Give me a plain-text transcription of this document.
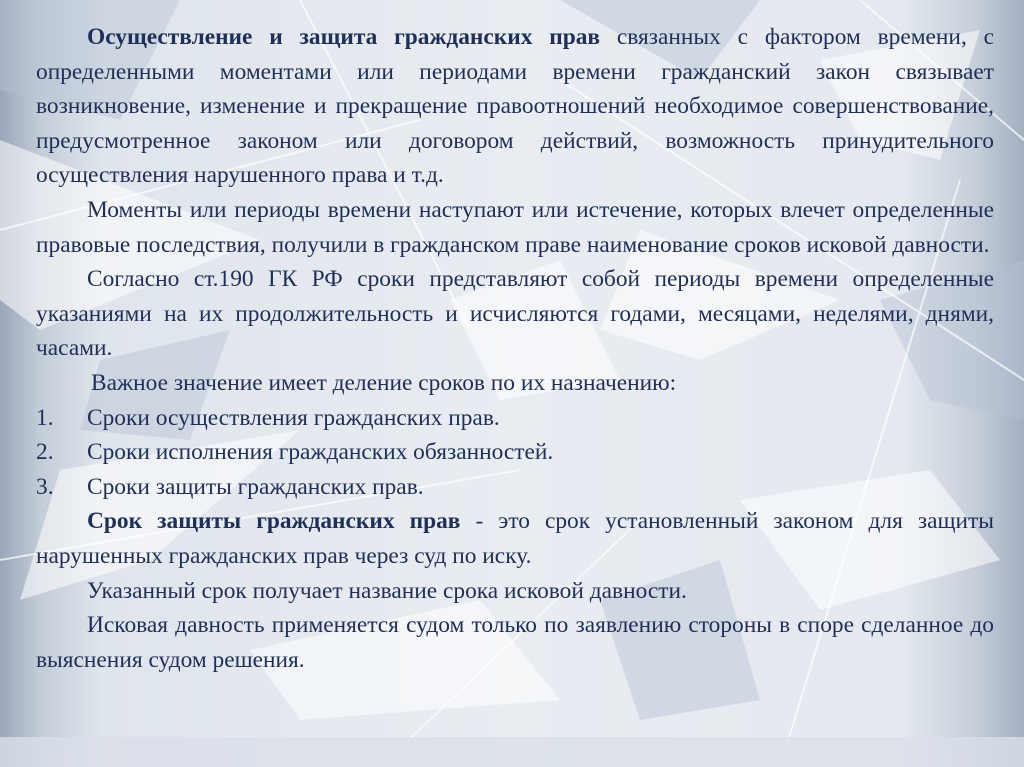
Осуществление и защита гражданских прав связанных с фактором времени, с определенными моментами или периодами времени гражданский закон связывает возникновение, изменение и прекращение правоотношений необходимое совершенствование, предусмотренное законом или договором действий, возможность принудительного осуществления нарушенного права и т.д.

Моменты или периоды времени наступают или истечение, которых влечет определенные правовые последствия, получили в гражданском праве наименование сроков исковой давности.

Согласно ст.190 ГК РФ сроки представляют собой периоды времени определенные указаниями на их продолжительность и исчисляются годами, месяцами, неделями, днями, часами.

Важное значение имеет деление сроков по их назначению:

1.	Сроки осуществления гражданских прав.
2.	Сроки исполнения гражданских обязанностей.
3.	Сроки защиты гражданских прав.

Срок защиты гражданских прав - это срок установленный законом для защиты нарушенных гражданских прав через суд по иску.

Указанный срок получает название срока исковой давности.

Исковая давность применяется судом только по заявлению стороны в споре сделанное до выяснения судом решения.
